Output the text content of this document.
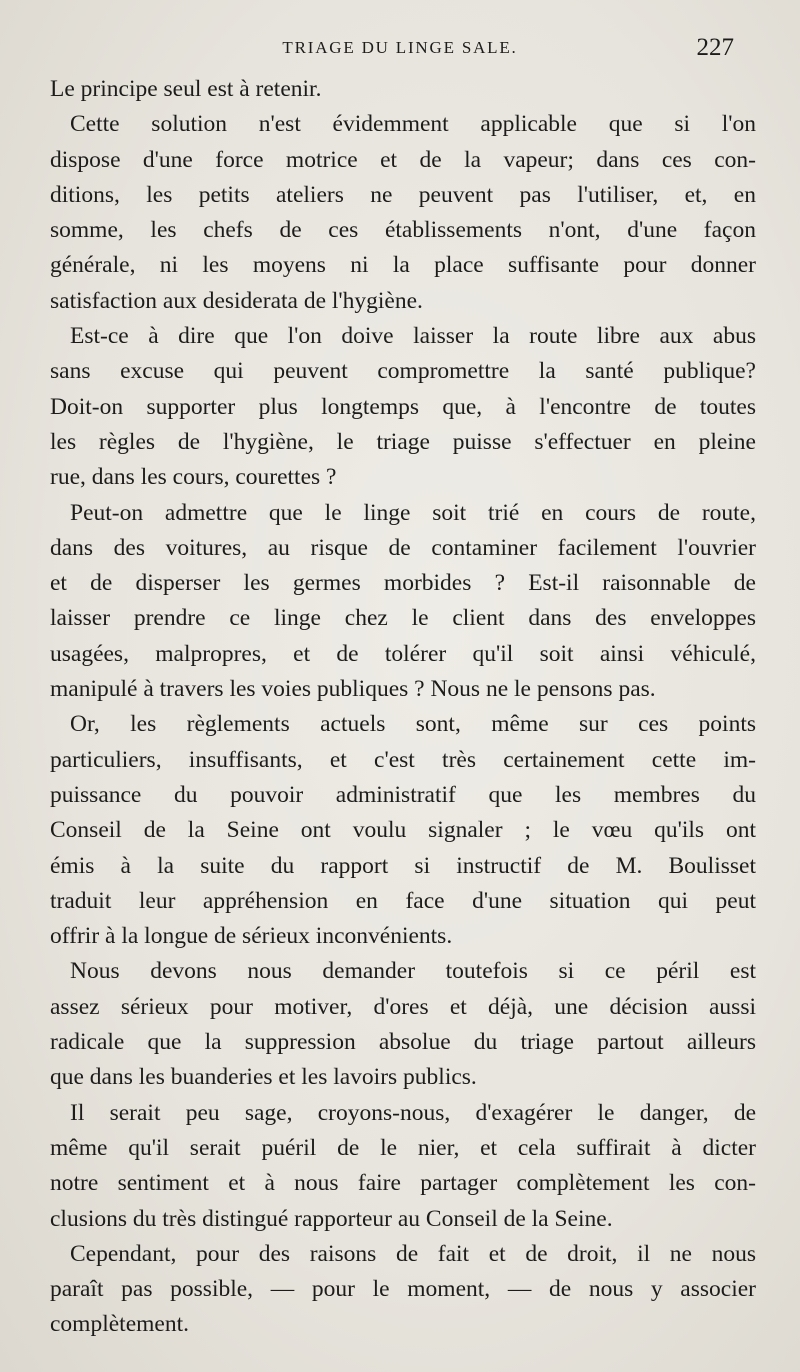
TRIAGE DU LINGE SALE.	227
Le principe seul est à retenir.
Cette solution n'est évidemment applicable que si l'on
dispose d'une force motrice et de la vapeur; dans ces con-
ditions, les petits ateliers ne peuvent pas l'utiliser, et, en
somme, les chefs de ces établissements n'ont, d'une façon
générale, ni les moyens ni la place suffisante pour donner
satisfaction aux desiderata de l'hygiène.
Est-ce à dire que l'on doive laisser la route libre aux abus
sans excuse qui peuvent compromettre la santé publique?
Doit-on supporter plus longtemps que, à l'encontre de toutes
les règles de l'hygiène, le triage puisse s'effectuer en pleine
rue, dans les cours, courettes ?
Peut-on admettre que le linge soit trié en cours de route,
dans des voitures, au risque de contaminer facilement l'ouvrier
et de disperser les germes morbides ? Est-il raisonnable de
laisser prendre ce linge chez le client dans des enveloppes
usagées, malpropres, et de tolérer qu'il soit ainsi véhiculé,
manipulé à travers les voies publiques ? Nous ne le pensons pas.
Or, les règlements actuels sont, même sur ces points
particuliers, insuffisants, et c'est très certainement cette im-
puissance du pouvoir administratif que les membres du
Conseil de la Seine ont voulu signaler ; le vœu qu'ils ont
émis à la suite du rapport si instructif de M. Boulisset
traduit leur appréhension en face d'une situation qui peut
offrir à la longue de sérieux inconvénients.
Nous devons nous demander toutefois si ce péril est
assez sérieux pour motiver, d'ores et déjà, une décision aussi
radicale que la suppression absolue du triage partout ailleurs
que dans les buanderies et les lavoirs publics.
Il serait peu sage, croyons-nous, d'exagérer le danger, de
même qu'il serait puéril de le nier, et cela suffirait à dicter
notre sentiment et à nous faire partager complètement les con-
clusions du très distingué rapporteur au Conseil de la Seine.
Cependant, pour des raisons de fait et de droit, il ne nous
paraît pas possible, — pour le moment, — de nous y associer
complètement.
